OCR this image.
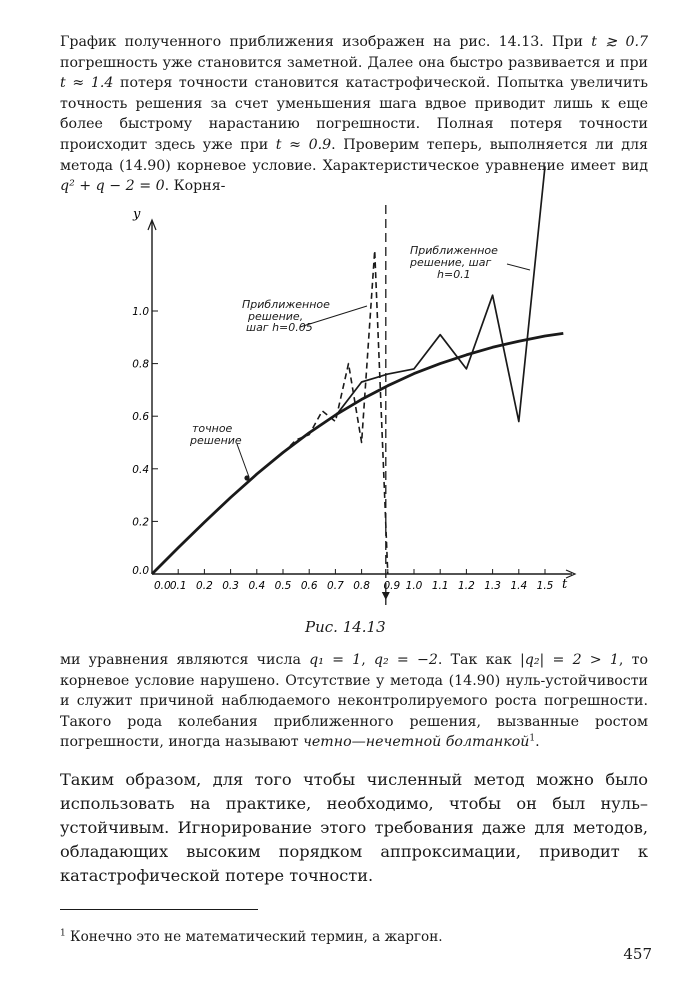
График полученного приближения изображен на рис. 14.13. При t ≳ 0.7 погрешность уже становится заметной. Далее она быстро развивается и при t ≈ 1.4 потеря точности становится катастрофической. Попытка увеличить точность решения за счет уменьшения шага вдвое приводит лишь к еще более быстрому нарастанию погрешности. Полная потеря точности происходит здесь уже при t ≈ 0.9. Проверим теперь, выполняется ли для метода (14.90) корневое условие. Характеристическое уравнение имеет вид q² + q − 2 = 0. Корня-

t
y
0.0 0.1 0.2 0.3 0.4 0.5 0.6 0.7 0.8 0.9 1.0 1.1 1.2 1.3 1.4 1.5
0.0
0.2
0.4
0.6
0.8
1.0
Приближенное
решение,
шаг h=0.05
Приближенное
решение, шаг
h=0.1
точное
решение
Рис. 14.13

ми уравнения являются числа q₁ = 1, q₂ = −2. Так как |q₂| = 2 > 1, то корневое условие нарушено. Отсутствие у метода (14.90) нуль-устойчивости и служит причиной наблюдаемого неконтролируемого роста погрешности. Такого рода колебания приближенного решения, вызванные ростом погрешности, иногда называют четно—нечетной болтанкой$^1$.

Таким образом, для того чтобы численный метод можно было использовать на практике, необходимо, чтобы он был нуль–устойчивым. Игнорирование этого требования даже для методов, обладающих высоким порядком аппроксимации, приводит к катастрофической потере точности.

$^1$ Конечно это не математический термин, а жаргон.

457
